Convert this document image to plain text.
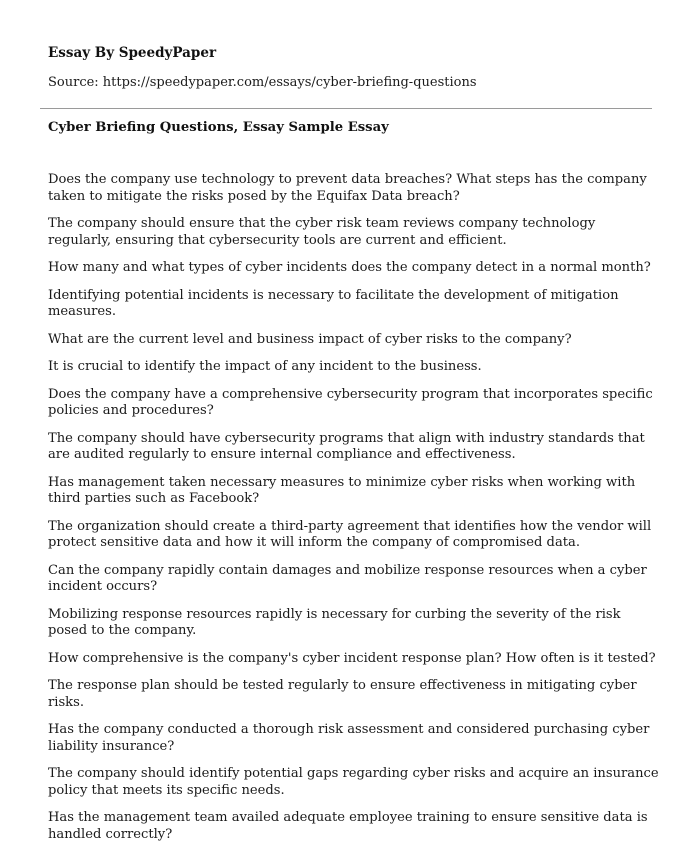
Essay By SpeedyPaper

Source: https://speedypaper.com/essays/cyber-briefing-questions

Cyber Briefing Questions, Essay Sample Essay

Does the company use technology to prevent data breaches? What steps has the company taken to mitigate the risks posed by the Equifax Data breach?

The company should ensure that the cyber risk team reviews company technology regularly, ensuring that cybersecurity tools are current and efficient.

How many and what types of cyber incidents does the company detect in a normal month?

Identifying potential incidents is necessary to facilitate the development of mitigation measures.

What are the current level and business impact of cyber risks to the company?

It is crucial to identify the impact of any incident to the business.

Does the company have a comprehensive cybersecurity program that incorporates specific policies and procedures?

The company should have cybersecurity programs that align with industry standards that are audited regularly to ensure internal compliance and effectiveness.

Has management taken necessary measures to minimize cyber risks when working with third parties such as Facebook?

The organization should create a third-party agreement that identifies how the vendor will protect sensitive data and how it will inform the company of compromised data.

Can the company rapidly contain damages and mobilize response resources when a cyber incident occurs?

Mobilizing response resources rapidly is necessary for curbing the severity of the risk posed to the company.

How comprehensive is the company's cyber incident response plan? How often is it tested?

The response plan should be tested regularly to ensure effectiveness in mitigating cyber risks.

Has the company conducted a thorough risk assessment and considered purchasing cyber liability insurance?

The company should identify potential gaps regarding cyber risks and acquire an insurance policy that meets its specific needs.

Has the management team availed adequate employee training to ensure sensitive data is handled correctly?
